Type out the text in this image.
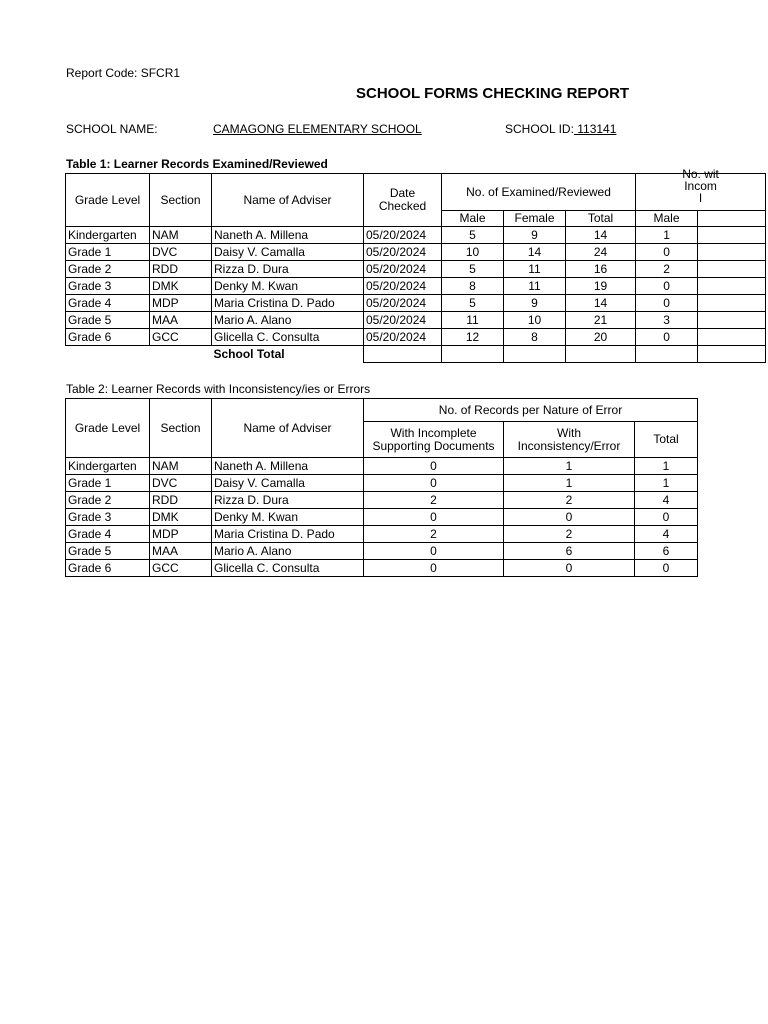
Report Code: SFCR1
SCHOOL FORMS CHECKING REPORT
SCHOOL NAME:	CAMAGONG ELEMENTARY SCHOOL	SCHOOL ID: 113141
Table 1: Learner Records Examined/Reviewed
Grade Level	Section	Name of Adviser	Date Checked	No. of Examined/Reviewed			No. wit
Incom
I	
				Male	Female	Total	Male	
Kindergarten	NAM	Naneth A. Millena	05/20/2024	5	9	14	1	
Grade 1	DVC	Daisy V. Camalla	05/20/2024	10	14	24	0	
Grade 2	RDD	Rizza D. Dura	05/20/2024	5	11	16	2	
Grade 3	DMK	Denky M. Kwan	05/20/2024	8	11	19	0	
Grade 4	MDP	Maria Cristina D. Pado	05/20/2024	5	9	14	0	
Grade 5	MAA	Mario A. Alano	05/20/2024	11	10	21	3	
Grade 6	GCC	Glicella C. Consulta	05/20/2024	12	8	20	0	
		School Total						
Table 2: Learner Records with Inconsistency/ies or Errors
Grade Level	Section	Name of Adviser	No. of Records per Nature of Error		
			With Incomplete Supporting Documents	With Inconsistency/Error	Total
Kindergarten	NAM	Naneth A. Millena	0	1	1
Grade 1	DVC	Daisy V. Camalla	0	1	1
Grade 2	RDD	Rizza D. Dura	2	2	4
Grade 3	DMK	Denky M. Kwan	0	0	0
Grade 4	MDP	Maria Cristina D. Pado	2	2	4
Grade 5	MAA	Mario A. Alano	0	6	6
Grade 6	GCC	Glicella C. Consulta	0	0	0
